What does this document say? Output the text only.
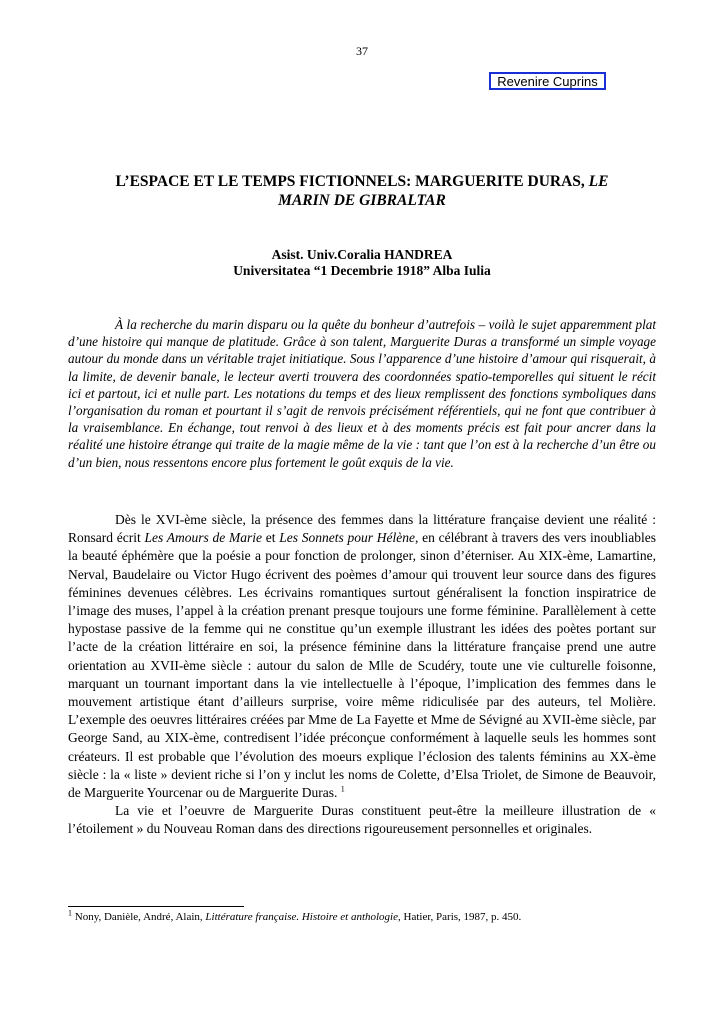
37
Revenire Cuprins
L’ESPACE ET LE TEMPS FICTIONNELS: MARGUERITE DURAS, LE MARIN DE GIBRALTAR
Asist. Univ.Coralia HANDREA
Universitatea “1 Decembrie 1918” Alba Iulia

À la recherche du marin disparu ou la quête du bonheur d’autrefois – voilà le sujet apparemment plat d’une histoire qui manque de platitude. Grâce à son talent, Marguerite Duras a transformé un simple voyage autour du monde dans un véritable trajet initiatique. Sous l’apparence d’une histoire d’amour qui risquerait, à la limite, de devenir banale, le lecteur averti trouvera des coordonnées spatio-temporelles qui situent le récit ici et partout, ici et nulle part. Les notations du temps et des lieux remplissent des fonctions symboliques dans l’organisation du roman et pourtant il s’agit de renvois précisément référentiels, qui ne font que contribuer à la vraisemblance. En échange, tout renvoi à des lieux et à des moments précis est fait pour ancrer dans la réalité une histoire étrange qui traite de la magie même de la vie : tant que l’on est à la recherche d’un être ou d’un bien, nous ressentons encore plus fortement le goût exquis de la vie.

Dès le XVI-ème siècle, la présence des femmes dans la littérature française devient une réalité : Ronsard écrit Les Amours de Marie et Les Sonnets pour Hélène, en célébrant à travers des vers inoubliables la beauté éphémère que la poésie a pour fonction de prolonger, sinon d’éterniser. Au XIX-ème, Lamartine, Nerval, Baudelaire ou Victor Hugo écrivent des poèmes d’amour qui trouvent leur source dans des figures féminines devenues célèbres. Les écrivains romantiques surtout généralisent la fonction inspiratrice de l’image des muses, l’appel à la création prenant presque toujours une forme féminine. Parallèlement à cette hypostase passive de la femme qui ne constitue qu’un exemple illustrant les idées des poètes portant sur l’acte de la création littéraire en soi, la présence féminine dans la littérature française prend une autre orientation au XVII-ème siècle : autour du salon de Mlle de Scudéry, toute une vie culturelle foisonne, marquant un tournant important dans la vie intellectuelle à l’époque, l’implication des femmes dans le mouvement artistique étant d’ailleurs surprise, voire même ridiculisée par des auteurs, tel Molière. L’exemple des oeuvres littéraires créées par Mme de La Fayette et Mme de Sévigné au XVII-ème siècle, par George Sand, au XIX-ème, contredisent l’idée préconçue conformément à laquelle seuls les hommes sont créateurs. Il est probable que l’évolution des moeurs explique l’éclosion des talents féminins au XX-ème siècle : la « liste » devient riche si l’on y inclut les noms de Colette, d’Elsa Triolet, de Simone de Beauvoir, de Marguerite Yourcenar ou de Marguerite Duras. $^1$

La vie et l’oeuvre de Marguerite Duras constituent peut-être la meilleure illustration de « l’étoilement » du Nouveau Roman dans des directions rigoureusement personnelles et originales.

$^1$ Nony, Danièle, André, Alain, Littérature française. Histoire et anthologie, Hatier, Paris, 1987, p. 450.
